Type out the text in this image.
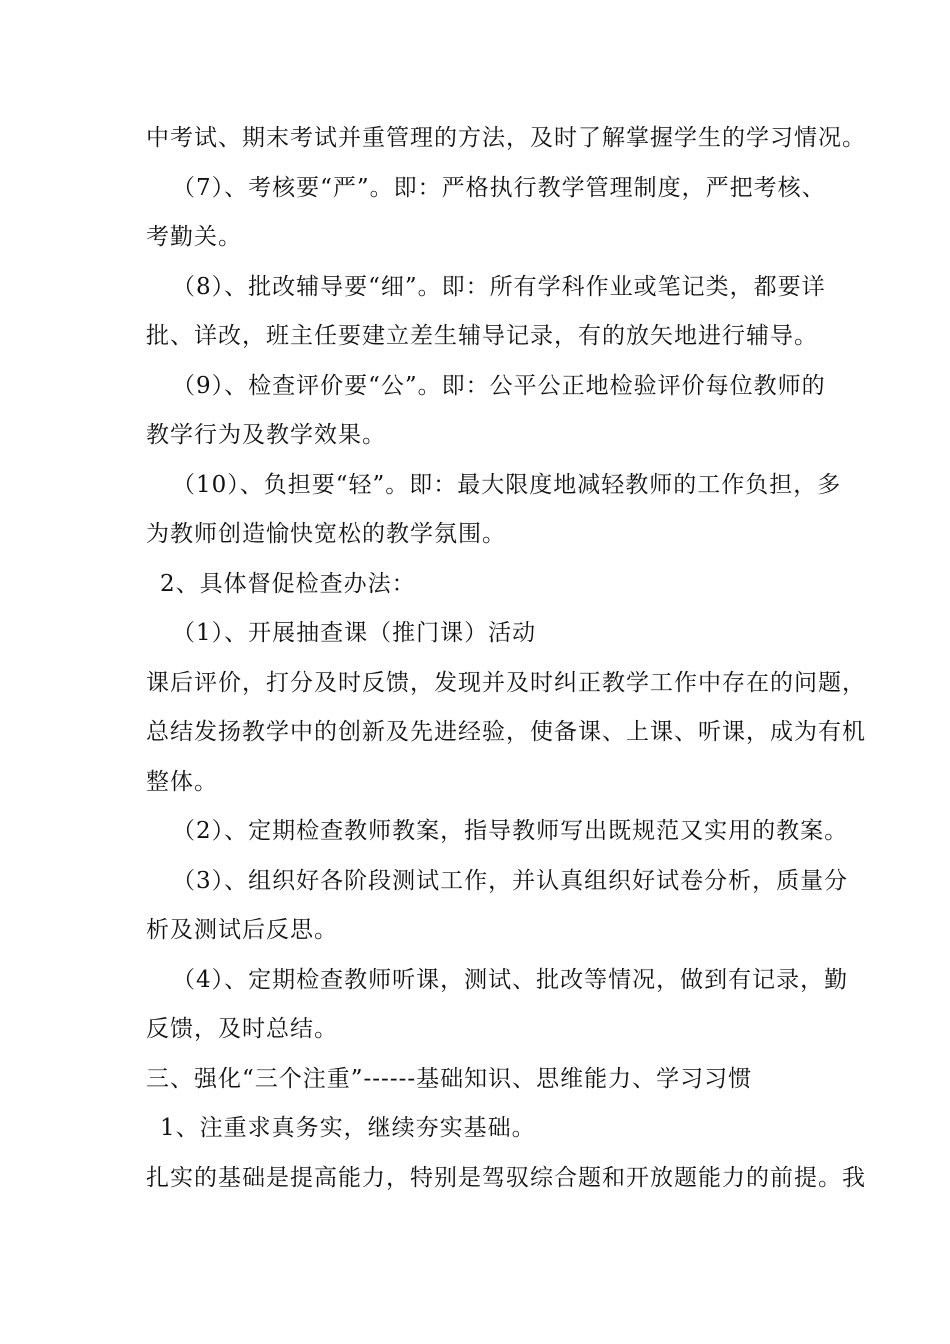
中考试、期末考试并重管理的方法，及时了解掌握学生的学习情况。
（7）、考核要“严”。即：严格执行教学管理制度，严把考核、
考勤关。
（8）、批改辅导要“细”。即：所有学科作业或笔记类，都要详
批、详改，班主任要建立差生辅导记录，有的放矢地进行辅导。
（9）、检查评价要“公”。即：公平公正地检验评价每位教师的
教学行为及教学效果。
（10）、负担要“轻”。即：最大限度地减轻教师的工作负担，多
为教师创造愉快宽松的教学氛围。
2、具体督促检查办法：
（1）、开展抽查课（推门课）活动
课后评价，打分及时反馈，发现并及时纠正教学工作中存在的问题，
总结发扬教学中的创新及先进经验，使备课、上课、听课，成为有机
整体。
（2）、定期检查教师教案，指导教师写出既规范又实用的教案。
（3）、组织好各阶段测试工作，并认真组织好试卷分析，质量分
析及测试后反思。
（4）、定期检查教师听课，测试、批改等情况，做到有记录，勤
反馈，及时总结。
三、强化“三个注重”------基础知识、思维能力、学习习惯
1、注重求真务实，继续夯实基础。
扎实的基础是提高能力，特别是驾驭综合题和开放题能力的前提。我
